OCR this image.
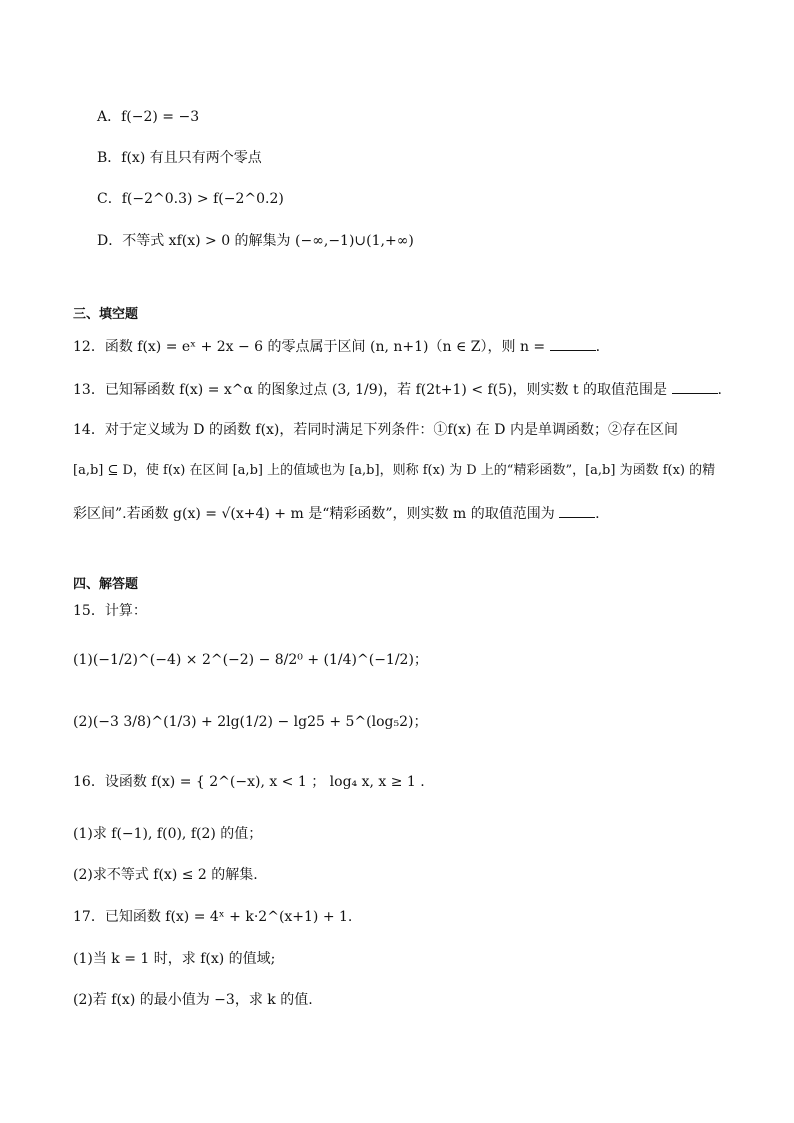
A．f(−2) = −3
B．f(x) 有且只有两个零点
C．f(−2^0.3) > f(−2^0.2)
D．不等式 xf(x) > 0 的解集为 (−∞,−1)∪(1,+∞)
三、填空题
12．函数 f(x) = eˣ + 2x − 6 的零点属于区间 (n, n+1)（n ∈ Z），则 n =	.
13．已知幂函数 f(x) = x^α 的图象过点 (3, 1/9)，若 f(2t+1) < f(5)，则实数 t 的取值范围是	.
14．对于定义域为 D 的函数 f(x)，若同时满足下列条件：①f(x) 在 D 内是单调函数；②存在区间
[a,b] ⊆ D，使 f(x) 在区间 [a,b] 上的值域也为 [a,b]，则称 f(x) 为 D 上的“精彩函数”，[a,b] 为函数 f(x) 的精
彩区间”.若函数 g(x) = √(x+4) + m 是“精彩函数”，则实数 m 的取值范围为	.
四、解答题
15．计算：
(1)(−1/2)^(−4) × 2^(−2) − 8/2⁰ + (1/4)^(−1/2)；
(2)(−3 3/8)^(1/3) + 2lg(1/2) − lg25 + 5^(log₅2)；
16．设函数 f(x) = { 2^(−x), x < 1 ； log₄ x, x ≥ 1 .
(1)求 f(−1), f(0), f(2) 的值；
(2)求不等式 f(x) ≤ 2 的解集.
17．已知函数 f(x) = 4ˣ + k·2^(x+1) + 1.
(1)当 k = 1 时，求 f(x) 的值域;
(2)若 f(x) 的最小值为 −3，求 k 的值.
